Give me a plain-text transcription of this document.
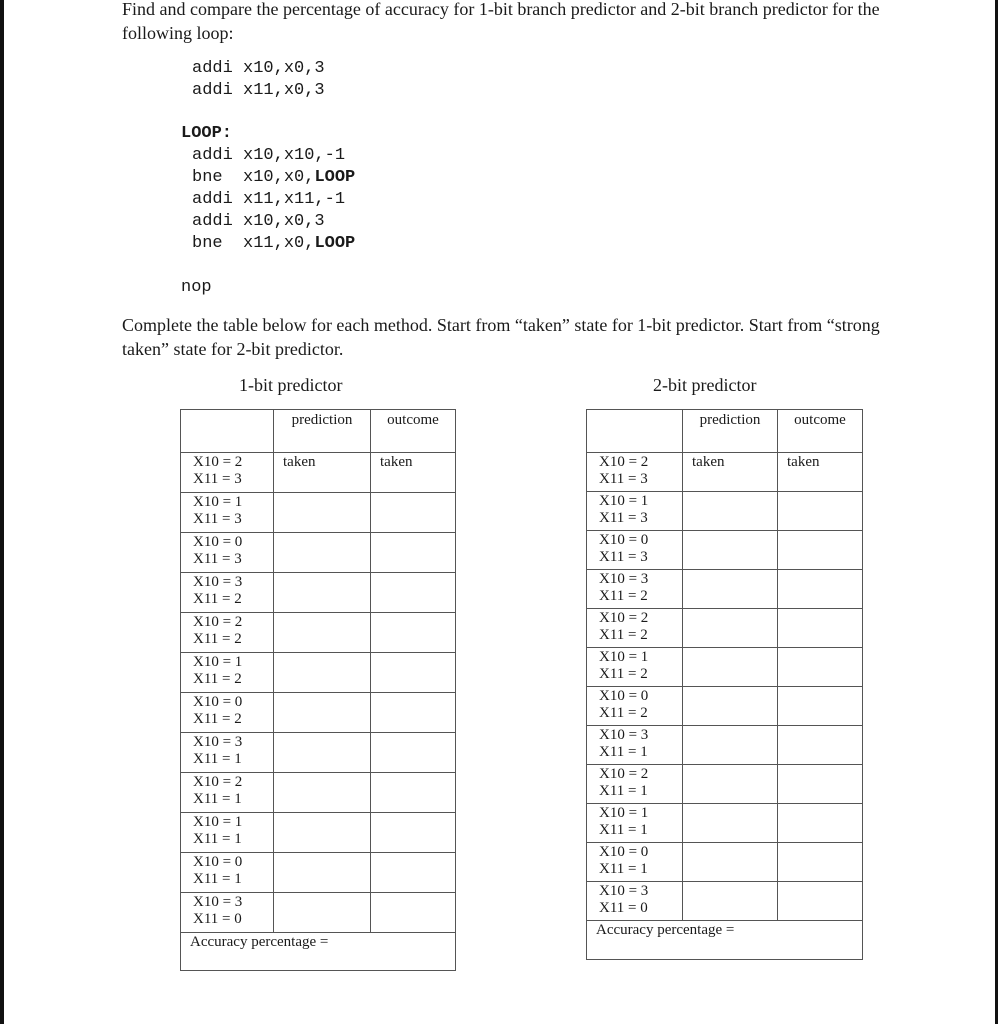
Find and compare the percentage of accuracy for 1-bit branch predictor and 2-bit branch predictor for the following loop:

addi x10,x0,3
addi x11,x0,3
LOOP:
addi x10,x10,-1
bne  x10,x0,LOOP
addi x11,x11,-1
addi x10,x0,3
bne  x11,x0,LOOP
nop

Complete the table below for each method. Start from “taken” state for 1-bit predictor. Start from “strong taken” state for 2-bit predictor.

1-bit predictor	2-bit predictor
	prediction	outcome

X10 = 2
X11 = 3	taken	taken

X10 = 1
X11 = 3		

X10 = 0
X11 = 3		

X10 = 3
X11 = 2		

X10 = 2
X11 = 2		

X10 = 1
X11 = 2		

X10 = 0
X11 = 2		

X10 = 3
X11 = 1		

X10 = 2
X11 = 1		

X10 = 1
X11 = 1		

X10 = 0
X11 = 1		

X10 = 3
X11 = 0		

Accuracy percentage =		
	prediction	outcome

X10 = 2
X11 = 3	taken	taken

X10 = 1
X11 = 3		

X10 = 0
X11 = 3		

X10 = 3
X11 = 2		

X10 = 2
X11 = 2		

X10 = 1
X11 = 2		

X10 = 0
X11 = 2		

X10 = 3
X11 = 1		

X10 = 2
X11 = 1		

X10 = 1
X11 = 1		

X10 = 0
X11 = 1		

X10 = 3
X11 = 0		

Accuracy percentage =		
